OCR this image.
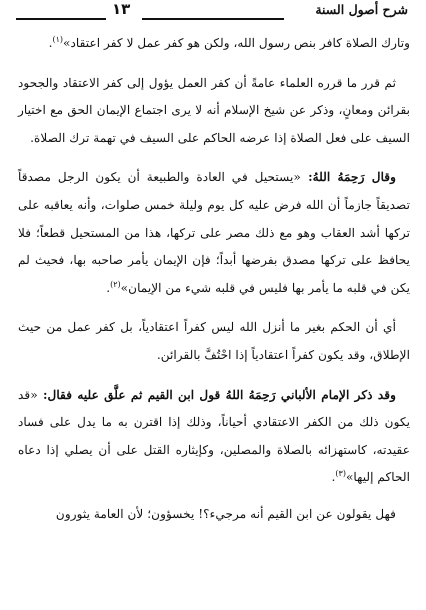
شرح أصول السنة
١٣

وتارك الصلاة كافر بنص رسول الله، ولكن هو كفر عمل لا كفر اعتقاد»$^{(١)}$.

ثم قرر ما قرره العلماء عامةً أن كفر العمل يؤول إلى كفر الاعتقاد والجحود بقرائن ومعانٍ، وذكر عن شيخ الإسلام أنه لا يرى اجتماع الإيمان الحق مع اختيار السيف على فعل الصلاة إذا عرضه الحاكم على السيف في تهمة ترك الصلاة.

وقال رَحِمَهُ اللهُ: «يستحيل في العادة والطبيعة أن يكون الرجل مصدقاً تصديقاً جازماً أن الله فرض عليه كل يوم وليلة خمس صلوات، وأنه يعاقبه على تركها أشد العقاب وهو مع ذلك مصر على تركها، هذا من المستحيل قطعاً؛ فلا يحافظ على تركها مصدق بفرضها أبداً؛ فإن الإيمان يأمر صاحبه بها، فحيث لم يكن في قلبه ما يأمر بها فليس في قلبه شيء من الإيمان»$^{(٢)}$.

أي أن الحكم بغير ما أنزل الله ليس كفراً اعتقادياً، بل كفر عمل من حيث الإطلاق، وقد يكون كفراً اعتقادياً إذا احْتُفَّ بالقرائن.

وقد ذكر الإمام الألباني رَحِمَهُ اللهُ قول ابن القيم ثم علَّق عليه فقال: «قد يكون ذلك من الكفر الاعتقادي أحياناً، وذلك إذا اقترن به ما يدل على فساد عقيدته، كاستهزائه بالصلاة والمصلين، وكإيثاره القتل على أن يصلي إذا دعاه الحاكم إليها»$^{(٣)}$.

فهل يقولون عن ابن القيم أنه مرجيء؟! يخسؤون؛ لأن العامة يثورون
